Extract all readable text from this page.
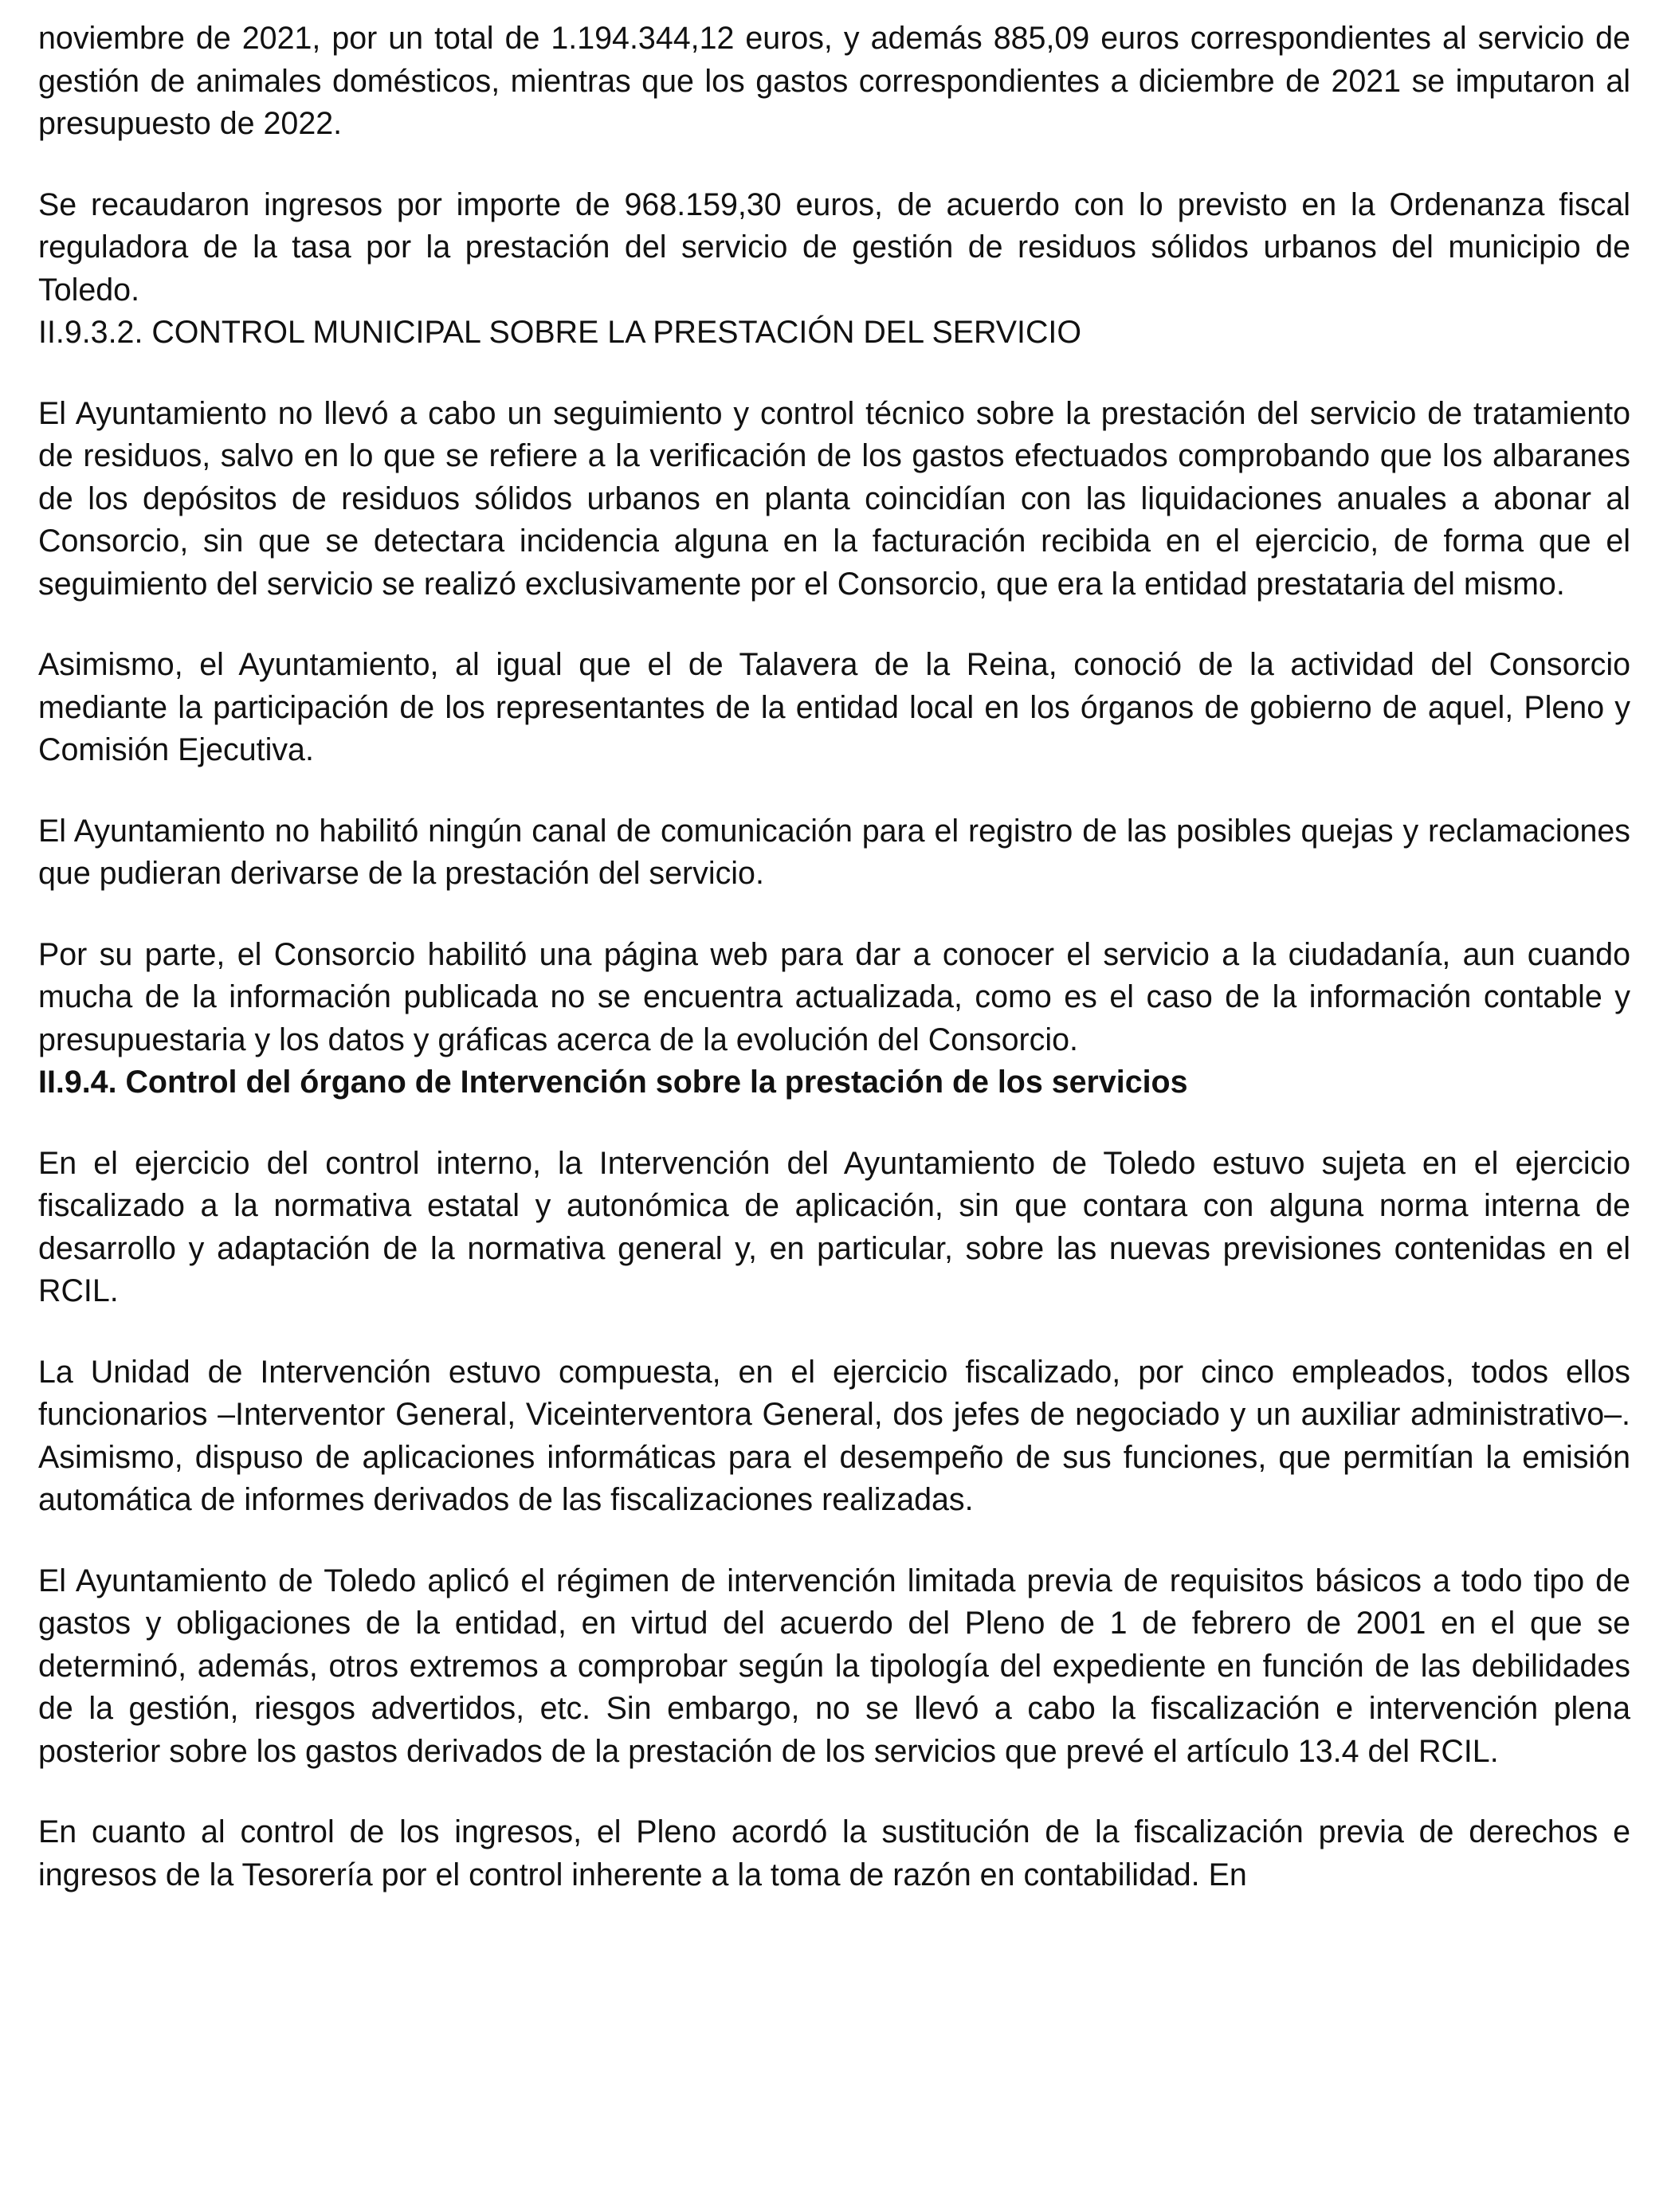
noviembre de 2021, por un total de 1.194.344,12 euros, y además 885,09 euros correspondientes al servicio de gestión de animales domésticos, mientras que los gastos correspondientes a diciembre de 2021 se imputaron al presupuesto de 2022.

Se recaudaron ingresos por importe de 968.159,30 euros, de acuerdo con lo previsto en la Ordenanza fiscal reguladora de la tasa por la prestación del servicio de gestión de residuos sólidos urbanos del municipio de Toledo.

II.9.3.2. CONTROL MUNICIPAL SOBRE LA PRESTACIÓN DEL SERVICIO

El Ayuntamiento no llevó a cabo un seguimiento y control técnico sobre la prestación del servicio de tratamiento de residuos, salvo en lo que se refiere a la verificación de los gastos efectuados comprobando que los albaranes de los depósitos de residuos sólidos urbanos en planta coincidían con las liquidaciones anuales a abonar al Consorcio, sin que se detectara incidencia alguna en la facturación recibida en el ejercicio, de forma que el seguimiento del servicio se realizó exclusivamente por el Consorcio, que era la entidad prestataria del mismo.

Asimismo, el Ayuntamiento, al igual que el de Talavera de la Reina, conoció de la actividad del Consorcio mediante la participación de los representantes de la entidad local en los órganos de gobierno de aquel, Pleno y Comisión Ejecutiva.

El Ayuntamiento no habilitó ningún canal de comunicación para el registro de las posibles quejas y reclamaciones que pudieran derivarse de la prestación del servicio.

Por su parte, el Consorcio habilitó una página web para dar a conocer el servicio a la ciudadanía, aun cuando mucha de la información publicada no se encuentra actualizada, como es el caso de la información contable y presupuestaria y los datos y gráficas acerca de la evolución del Consorcio.

II.9.4. Control del órgano de Intervención sobre la prestación de los servicios

En el ejercicio del control interno, la Intervención del Ayuntamiento de Toledo estuvo sujeta en el ejercicio fiscalizado a la normativa estatal y autonómica de aplicación, sin que contara con alguna norma interna de desarrollo y adaptación de la normativa general y, en particular, sobre las nuevas previsiones contenidas en el RCIL.

La Unidad de Intervención estuvo compuesta, en el ejercicio fiscalizado, por cinco empleados, todos ellos funcionarios –Interventor General, Viceinterventora General, dos jefes de negociado y un auxiliar administrativo–. Asimismo, dispuso de aplicaciones informáticas para el desempeño de sus funciones, que permitían la emisión automática de informes derivados de las fiscalizaciones realizadas.

El Ayuntamiento de Toledo aplicó el régimen de intervención limitada previa de requisitos básicos a todo tipo de gastos y obligaciones de la entidad, en virtud del acuerdo del Pleno de 1 de febrero de 2001 en el que se determinó, además, otros extremos a comprobar según la tipología del expediente en función de las debilidades de la gestión, riesgos advertidos, etc. Sin embargo, no se llevó a cabo la fiscalización e intervención plena posterior sobre los gastos derivados de la prestación de los servicios que prevé el artículo 13.4 del RCIL.

En cuanto al control de los ingresos, el Pleno acordó la sustitución de la fiscalización previa de derechos e ingresos de la Tesorería por el control inherente a la toma de razón en contabilidad. En
